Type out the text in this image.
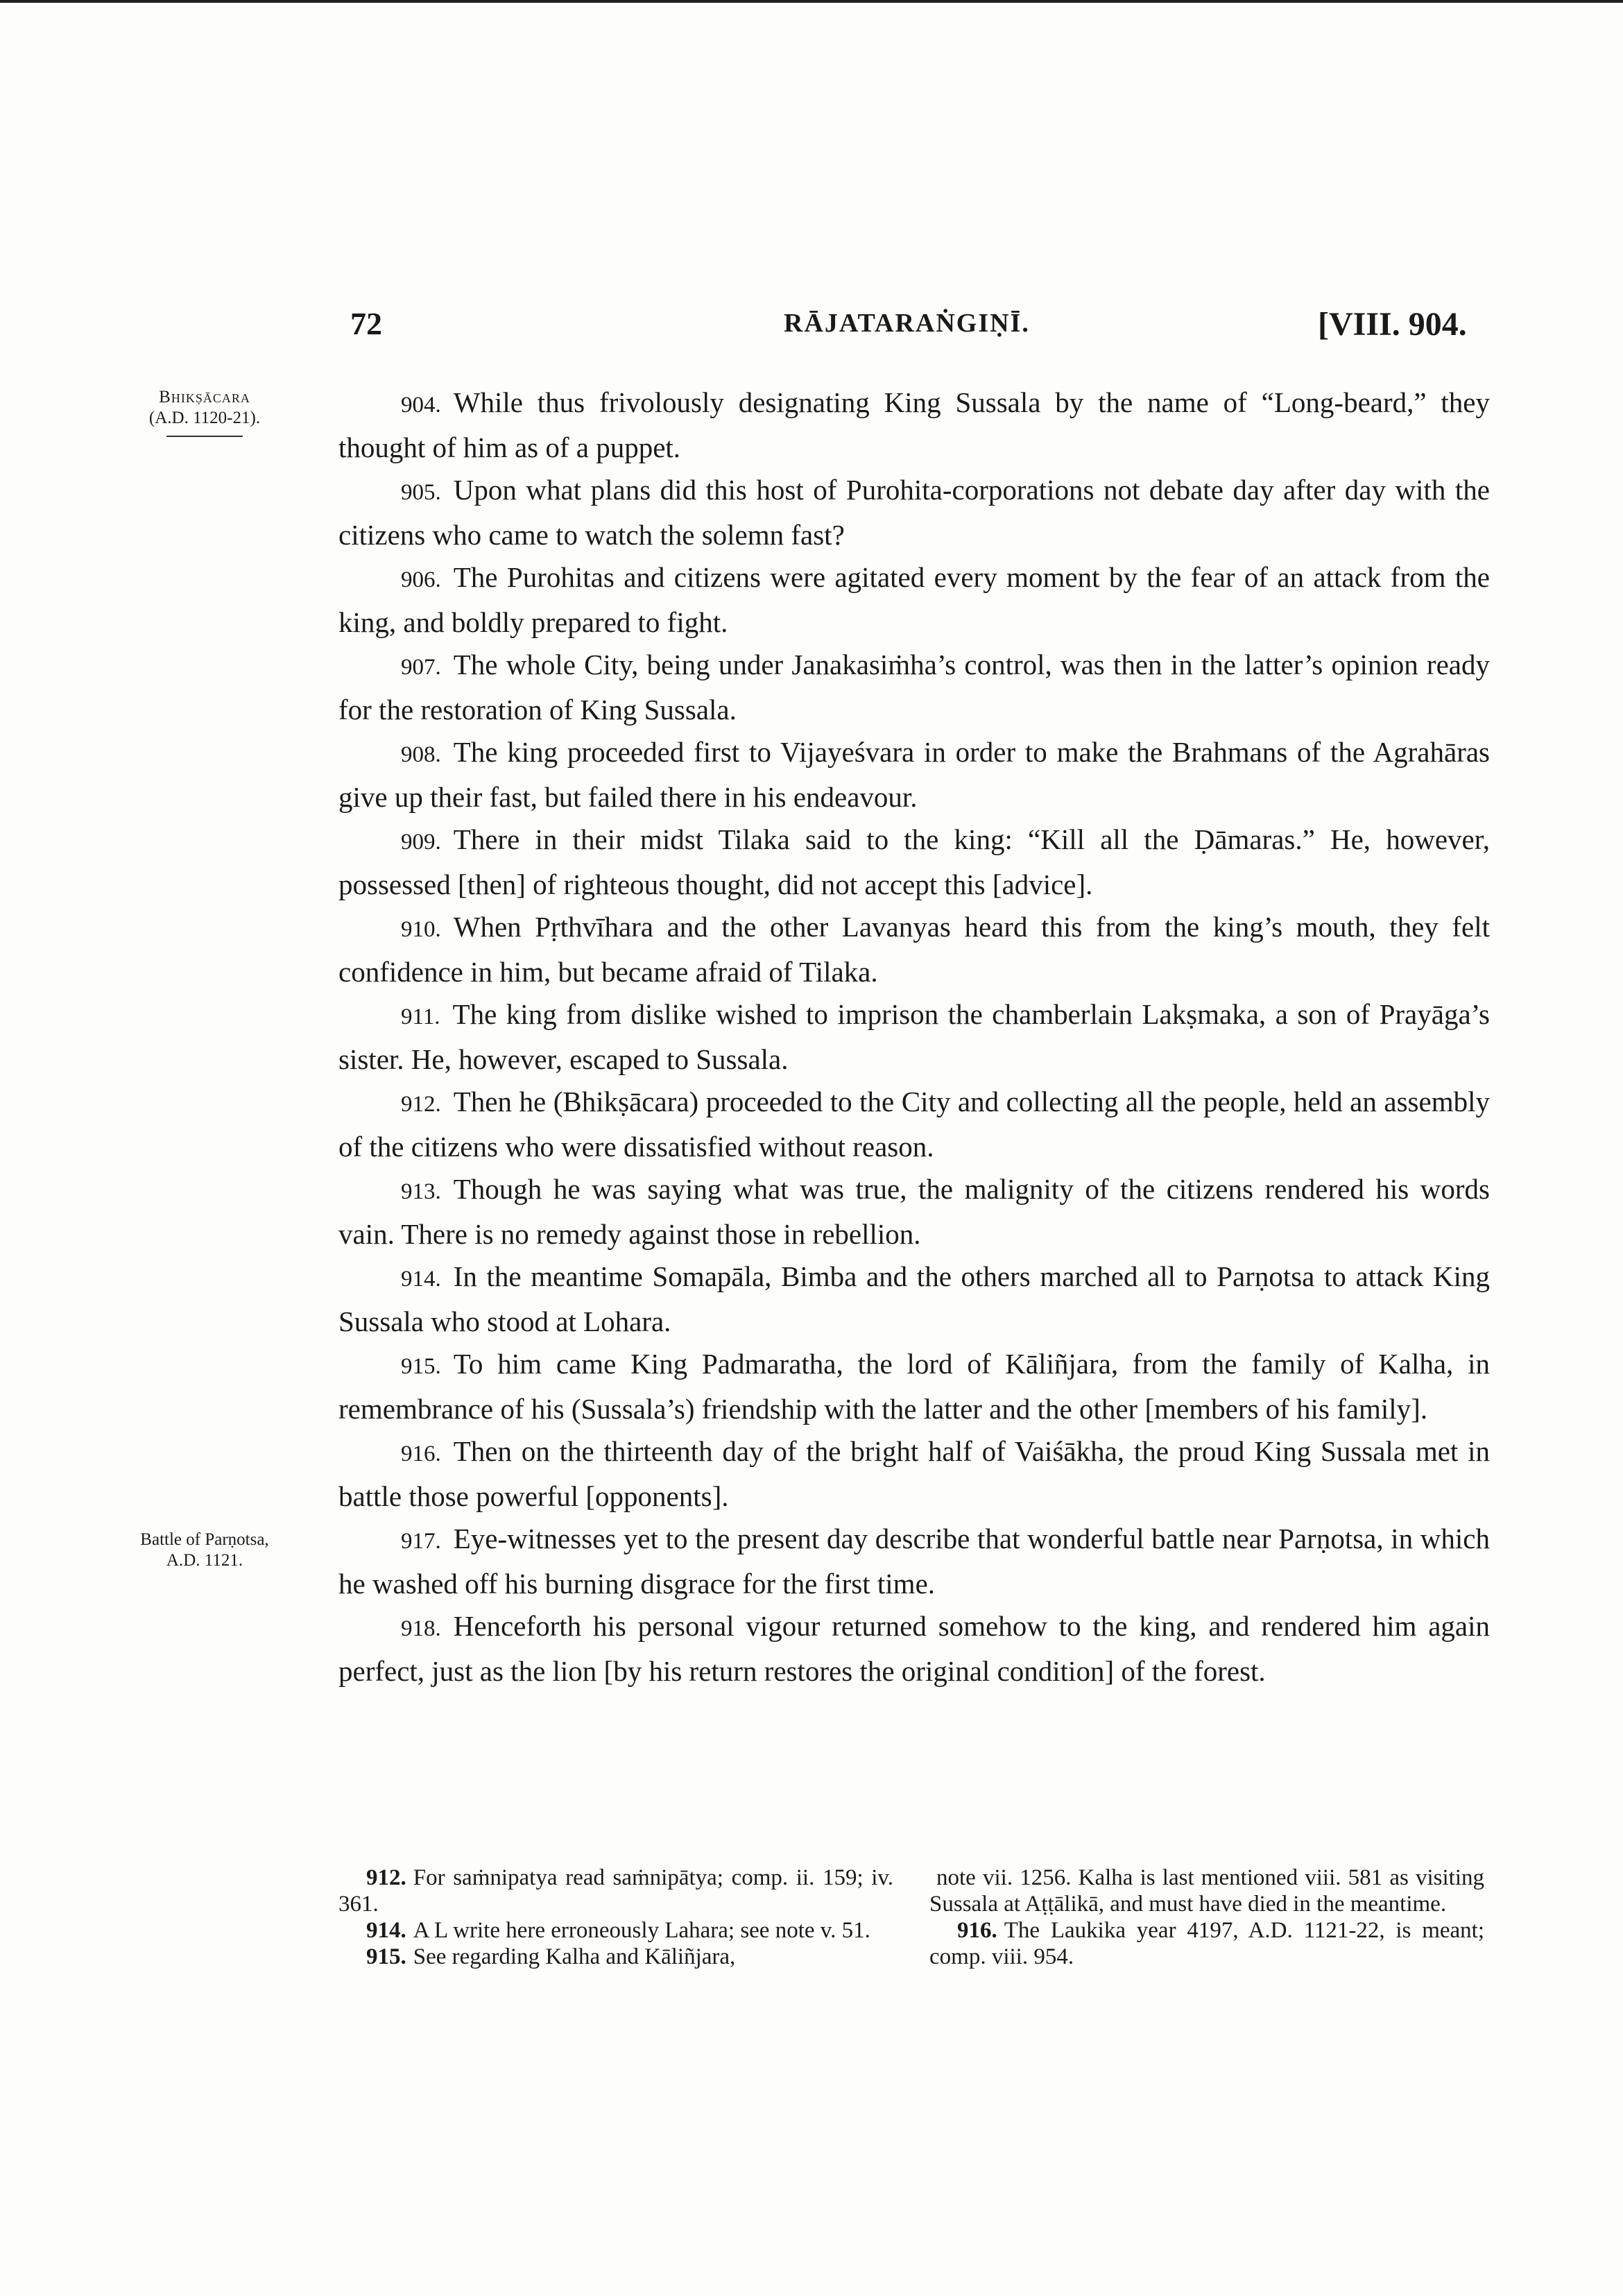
72	RĀJATARAṄGIṆĪ.	[VIII. 904.
Bhikṣācara
(A.D. 1120-21).
Battle of Parṇotsa,
A.D. 1121.

904. While thus frivolously designating King Sussala by the name of “Long-beard,” they thought of him as of a puppet.

905. Upon what plans did this host of Purohita-corporations not debate day after day with the citizens who came to watch the solemn fast?

906. The Purohitas and citizens were agitated every moment by the fear of an attack from the king, and boldly prepared to fight.

907. The whole City, being under Janakasiṁha’s control, was then in the latter’s opinion ready for the restoration of King Sussala.

908. The king proceeded first to Vijayeśvara in order to make the Brahmans of the Agrahāras give up their fast, but failed there in his endeavour.

909. There in their midst Tilaka said to the king: “Kill all the Ḍāmaras.” He, however, possessed [then] of righteous thought, did not accept this [advice].

910. When Pṛthvīhara and the other Lavanyas heard this from the king’s mouth, they felt confidence in him, but became afraid of Tilaka.

911. The king from dislike wished to imprison the chamberlain Lakṣmaka, a son of Prayāga’s sister. He, however, escaped to Sussala.

912. Then he (Bhikṣācara) proceeded to the City and collecting all the people, held an assembly of the citizens who were dissatisfied without reason.

913. Though he was saying what was true, the malignity of the citizens rendered his words vain. There is no remedy against those in rebellion.

914. In the meantime Somapāla, Bimba and the others marched all to Parṇotsa to attack King Sussala who stood at Lohara.

915. To him came King Padmaratha, the lord of Kāliñjara, from the family of Kalha, in remembrance of his (Sussala’s) friendship with the latter and the other [members of his family].

916. Then on the thirteenth day of the bright half of Vaiśākha, the proud King Sussala met in battle those powerful [opponents].

917. Eye-witnesses yet to the present day describe that wonderful battle near Parṇotsa, in which he washed off his burning disgrace for the first time.

918. Henceforth his personal vigour returned somehow to the king, and rendered him again perfect, just as the lion [by his return restores the original condition] of the forest.

912. For saṁnipatya read saṁnipātya; comp. ii. 159; iv. 361.

914. A L write here erroneously Lahara; see note v. 51.

915. See regarding Kalha and Kāliñjara,

note vii. 1256. Kalha is last mentioned viii. 581 as visiting Sussala at Aṭṭālikā, and must have died in the meantime.

916. The Laukika year 4197, A.D. 1121-22, is meant; comp. viii. 954.
